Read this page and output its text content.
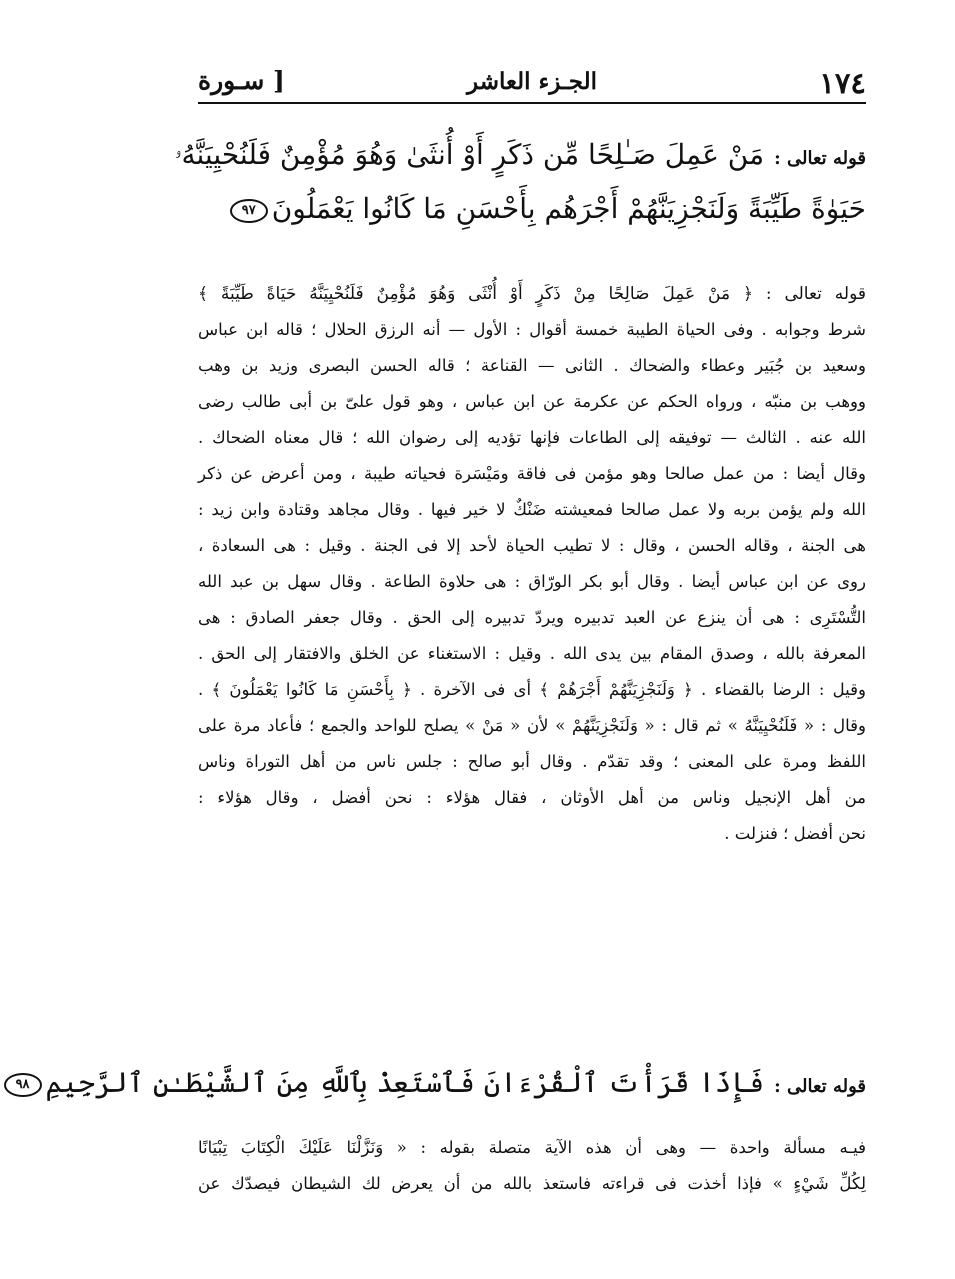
١٧٤
الجـزء العاشر
[ سـورة
قوله تعالى :مَنْ عَمِلَ صَـٰلِحًا مِّن ذَكَرٍ أَوْ أُنثَىٰ وَهُوَ مُؤْمِنٌ فَلَنُحْيِيَنَّهُۥ
حَيَوٰةً طَيِّبَةً وَلَنَجْزِيَنَّهُمْ أَجْرَهُم بِأَحْسَنِ مَا كَانُوا يَعْمَلُونَ٩٧
قوله تعالى : ﴿ مَنْ عَمِلَ صَالِحًا مِنْ ذَكَرٍ أَوْ أُنْثَى وَهُوَ مُؤْمِنٌ فَلَنُحْيِيَنَّهُ حَيَاةً طَيِّبَةً ﴾
شرط وجوابه . وفى الحياة الطيبة خمسة أقوال : الأول — أنه الرزق الحلال ؛ قاله ابن عباس
وسعيد بن جُبَير وعطاء والضحاك . الثانى — القناعة ؛ قاله الحسن البصرى وزيد بن وهب
ووهب بن منبّه ، ورواه الحكم عن عكرمة عن ابن عباس ، وهو قول علىّ بن أبى طالب رضى
الله عنه . الثالث — توفيقه إلى الطاعات فإنها تؤديه إلى رضوان الله ؛ قال معناه الضحاك .
وقال أيضا : من عمل صالحا وهو مؤمن فى فاقة ومَيْسَرة فحياته طيبة ، ومن أعرض عن ذكر
الله ولم يؤمن بربه ولا عمل صالحا فمعيشته ضَنْكٌ لا خير فيها . وقال مجاهد وقتادة وابن زيد :
هى الجنة ، وقاله الحسن ، وقال : لا تطيب الحياة لأحد إلا فى الجنة . وقيل : هى السعادة ،
روى عن ابن عباس أيضا . وقال أبو بكر الورّاق : هى حلاوة الطاعة . وقال سهل بن عبد الله
التُّسْتَرِى : هى أن ينزع عن العبد تدبيره ويردّ تدبيره إلى الحق . وقال جعفر الصادق : هى
المعرفة بالله ، وصدق المقام بين يدى الله . وقيل : الاستغناء عن الخلق والافتقار إلى الحق .
وقيل : الرضا بالقضاء . ﴿ وَلَنَجْزِيَنَّهُمْ أَجْرَهُمْ ﴾ أى فى الآخرة . ﴿ بِأَحْسَنِ مَا كَانُوا يَعْمَلُونَ ﴾ .
وقال : « فَلَنُحْيِيَنَّهُ » ثم قال : « وَلَنَجْزِيَنَّهُمْ » لأن « مَنْ » يصلح للواحد والجمع ؛ فأعاد مرة على
اللفظ ومرة على المعنى ؛ وقد تقدّم . وقال أبو صالح : جلس ناس من أهل التوراة وناس
من أهل الإنجيل وناس من أهل الأوثان ، فقال هؤلاء : نحن أفضل ، وقال هؤلاء :
نحن أفضل ؛ فنزلت .
قوله تعالى :فَإِذَا قَرَأْتَ ٱلْقُرْءَانَ فَٱسْتَعِذْ بِٱللَّهِ مِنَ ٱلشَّيْطَـٰنِ ٱلرَّجِيمِ٩٨
فيـه مسألة واحدة — وهى أن هذه الآية متصلة بقوله : « وَنَزَّلْنَا عَلَيْكَ الْكِتَابَ تِبْيَانًا
لِكُلِّ شَيْءٍ » فإذا أخذت فى قراءته فاستعذ بالله من أن يعرض لك الشيطان فيصدّك عن
